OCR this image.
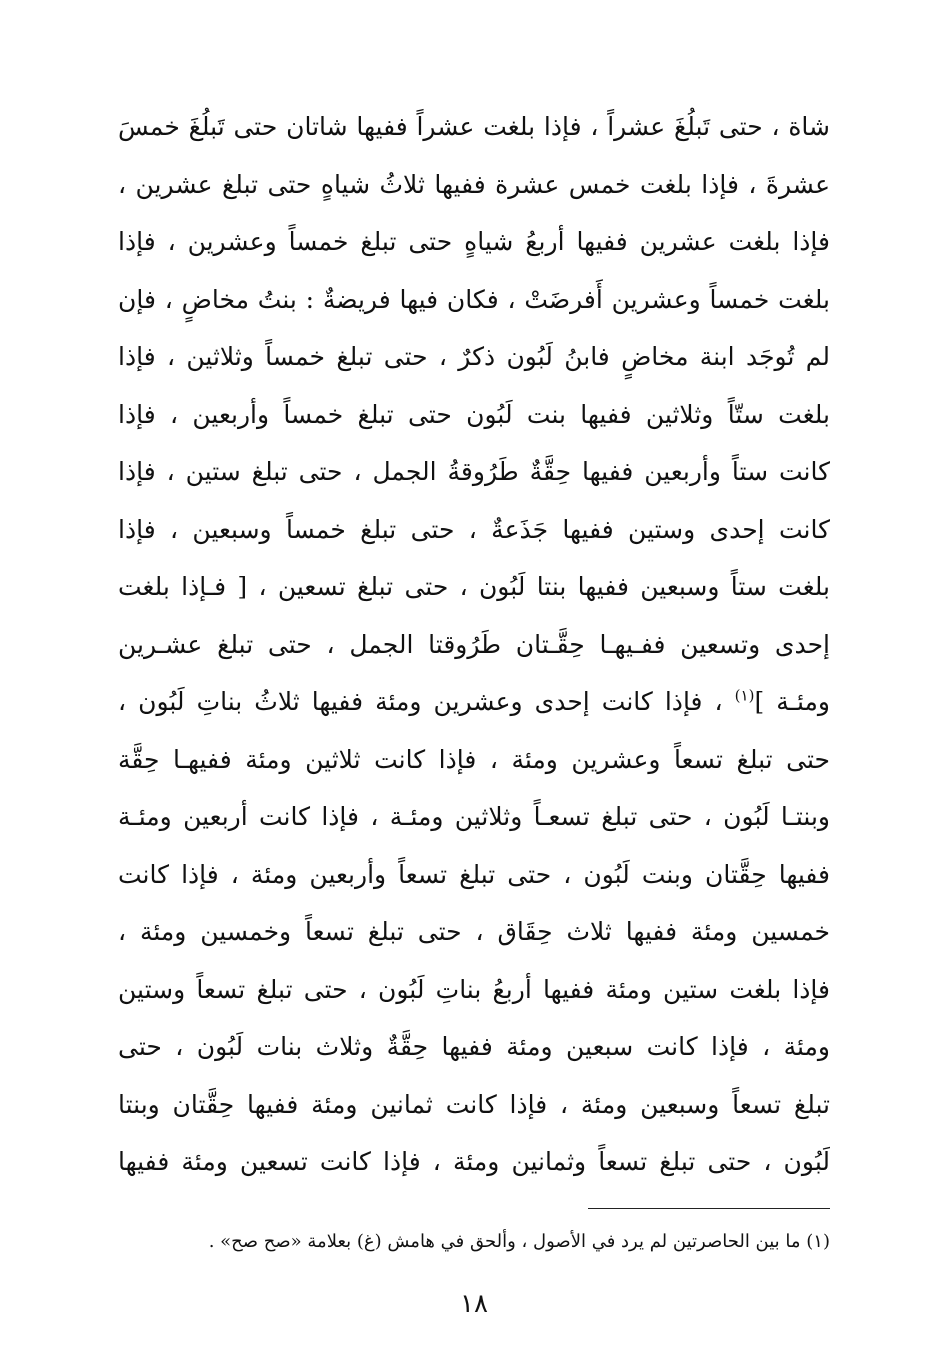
شاة ، حتى تَبلُغَ عشراً ، فإذا بلغت عشراً ففيها شاتان حتى تَبلُغَ خمسَ
عشرةَ ، فإذا بلغت خمس عشرة ففيها ثلاثُ شياهٍ حتى تبلغ عشرين ،
فإذا بلغت عشرين ففيها أربعُ شياهٍ حتى تبلغ خمساً وعشرين ، فإذا
بلغت خمساً وعشرين أَفرضَتْ ، فكان فيها فريضةٌ : بنتُ مخاضٍ ، فإن
لم تُوجَد ابنة مخاضٍ فابنُ لَبُون ذكرٌ ، حتى تبلغ خمساً وثلاثين ، فإذا
بلغت ستّاً وثلاثين ففيها بنت لَبُون حتى تبلغ خمساً وأربعين ، فإذا
كانت ستاً وأربعين ففيها حِقَّةٌ طَرُوقةُ الجمل ، حتى تبلغ ستين ، فإذا
كانت إحدى وستين ففيها جَذَعةٌ ، حتى تبلغ خمساً وسبعين ، فإذا
بلغت ستاً وسبعين ففيها بنتا لَبُون ، حتى تبلغ تسعين ، [ فـإذا بلغت
إحدى وتسعين ففـيهـا حِقَّـتان طَرُوقتا الجمل ، حتى تبلغ عشـرين
ومئـة ]$^{(١)}$ ، فإذا كانت إحدى وعشرين ومئة ففيها ثلاثُ بناتِ لَبُون ،
حتى تبلغ تسعاً وعشرين ومئة ، فإذا كانت ثلاثين ومئة ففيهـا حِقَّة
وبنتـا لَبُون ، حتى تبلغ تسعـاً وثلاثين ومئـة ، فإذا كانت أربعين ومئـة
ففيها حِقَّتان وبنت لَبُون ، حتى تبلغ تسعاً وأربعين ومئة ، فإذا كانت
خمسين ومئة ففيها ثلاث حِقَاق ، حتى تبلغ تسعاً وخمسين ومئة ،
فإذا بلغت ستين ومئة ففيها أربعُ بناتِ لَبُون ، حتى تبلغ تسعاً وستين
ومئة ، فإذا كانت سبعين ومئة ففيها حِقَّةٌ وثلاث بنات لَبُون ، حتى
تبلغ تسعاً وسبعين ومئة ، فإذا كانت ثمانين ومئة ففيها حِقَّتان وبنتا
لَبُون ، حتى تبلغ تسعاً وثمانين ومئة ، فإذا كانت تسعين ومئة ففيها
(١) ما بين الحاصرتين لم يرد في الأصول ، وألحق في هامش (غ) بعلامة «صح صح» .
١٨
